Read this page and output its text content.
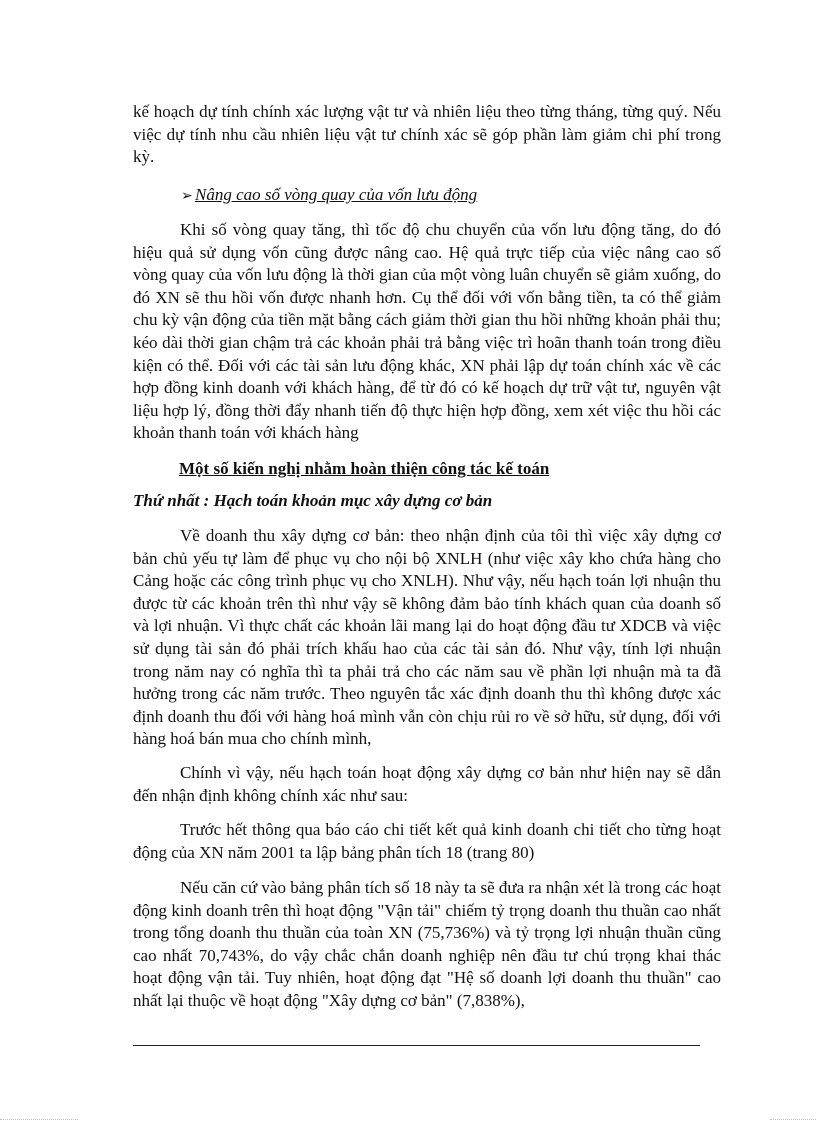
kế hoạch dự tính chính xác lượng vật tư và nhiên liệu theo từng tháng, từng quý. Nếu việc dự tính nhu cầu nhiên liệu vật tư chính xác sẽ góp phần làm giảm chi phí trong kỳ.

➢ Nâng cao số vòng quay của vốn lưu động

Khi số vòng quay tăng, thì tốc độ chu chuyển của vốn lưu động tăng, do đó hiệu quả sử dụng vốn cũng được nâng cao. Hệ quả trực tiếp của việc nâng cao số vòng quay của vốn lưu động là thời gian của một vòng luân chuyển sẽ giảm xuống, do đó XN sẽ thu hồi vốn được nhanh hơn. Cụ thể đối với vốn bằng tiền, ta có thể giảm chu kỳ vận động của tiền mặt bằng cách giảm thời gian thu hồi những khoản phải thu; kéo dài thời gian chậm trả các khoản phải trả bằng việc trì hoãn thanh toán trong điều kiện có thể. Đối với các tài sản lưu động khác, XN phải lập dự toán chính xác về các hợp đồng kinh doanh với khách hàng, để từ đó có kế hoạch dự trữ vật tư, nguyên vật liệu hợp lý, đồng thời đẩy nhanh tiến độ thực hiện hợp đồng, xem xét việc thu hồi các khoản thanh toán với khách hàng

Một số kiến nghị nhằm hoàn thiện công tác kế toán
Thứ nhất : Hạch toán khoản mục xây dựng cơ bản

Về doanh thu xây dựng cơ bản: theo nhận định của tôi thì việc xây dựng cơ bản chủ yếu tự làm để phục vụ cho nội bộ XNLH (như việc xây kho chứa hàng cho Cảng hoặc các công trình phục vụ cho XNLH). Như vậy, nếu hạch toán lợi nhuận thu được từ các khoản trên thì như vậy sẽ không đảm bảo tính khách quan của doanh số và lợi nhuận. Vì thực chất các khoản lãi mang lại do hoạt động đầu tư XDCB và việc sử dụng tài sản đó phải trích khấu hao của các tài sản đó. Như vậy, tính lợi nhuận trong năm nay có nghĩa thì ta phải trả cho các năm sau về phần lợi nhuận mà ta đã hưởng trong các năm trước. Theo nguyên tắc xác định doanh thu thì không được xác định doanh thu đối với hàng hoá mình vẫn còn chịu rủi ro về sở hữu, sử dụng, đối với hàng hoá bán mua cho chính mình,

Chính vì vậy, nếu hạch toán hoạt động xây dựng cơ bản như hiện nay sẽ dẫn đến nhận định không chính xác như sau:

Trước hết thông qua báo cáo chi tiết kết quả kinh doanh chi tiết cho từng hoạt động của XN năm 2001 ta lập bảng phân tích 18 (trang 80)

Nếu căn cứ vào bảng phân tích số 18 này ta sẽ đưa ra nhận xét là trong các hoạt động kinh doanh trên thì hoạt động "Vận tải" chiếm tỷ trọng doanh thu thuần cao nhất trong tổng doanh thu thuần của toàn XN (75,736%) và tỷ trọng lợi nhuận thuần cũng cao nhất 70,743%, do vậy chắc chắn doanh nghiệp nên đầu tư chú trọng khai thác hoạt động vận tải. Tuy nhiên, hoạt động đạt "Hệ số doanh lợi doanh thu thuần" cao nhất lại thuộc về hoạt động "Xây dựng cơ bản" (7,838%),
